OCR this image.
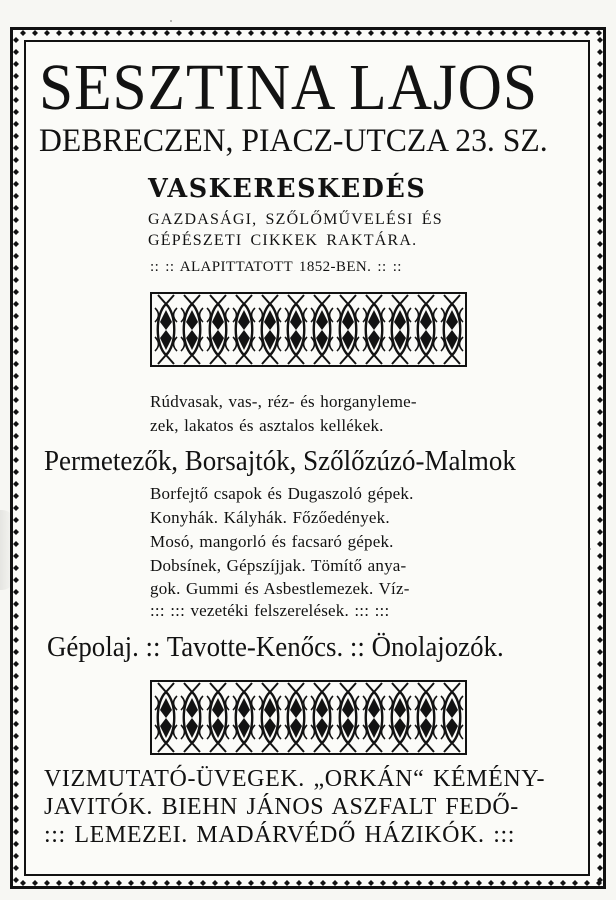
SESZTINA LAJOS
DEBRECZEN, PIACZ-UTCZA 23. SZ.
VASKERESKEDÉS
GAZDASÁGI, SZŐLŐMŰVELÉSI ÉS
GÉPÉSZETI CIKKEK RAKTÁRA.
:: :: ALAPITTATOTT 1852-BEN. :: ::
Rúdvasak, vas-, réz- és horganyleme-
zek, lakatos és asztalos kellékek.
Permetezők, Borsajtók, Szőlőzúzó-Malmok
Borfejtő csapok és Dugaszoló gépek.
Konyhák. Kályhák. Főzőedények.
Mosó, mangorló és facsaró gépek.
Dobsínek, Gépszíjjak. Tömítő anya-
gok. Gummi és Asbestlemezek. Víz-
::: ::: vezetéki felszerelések. ::: :::
Gépolaj. :: Tavotte-Kenőcs. :: Önolajozók.
VIZMUTATÓ-ÜVEGEK. „ORKÁN“ KÉMÉNY-
JAVITÓK. BIEHN JÁNOS ASZFALT FEDŐ-
::: LEMEZEI. MADÁRVÉDŐ HÁZIKÓK. :::
